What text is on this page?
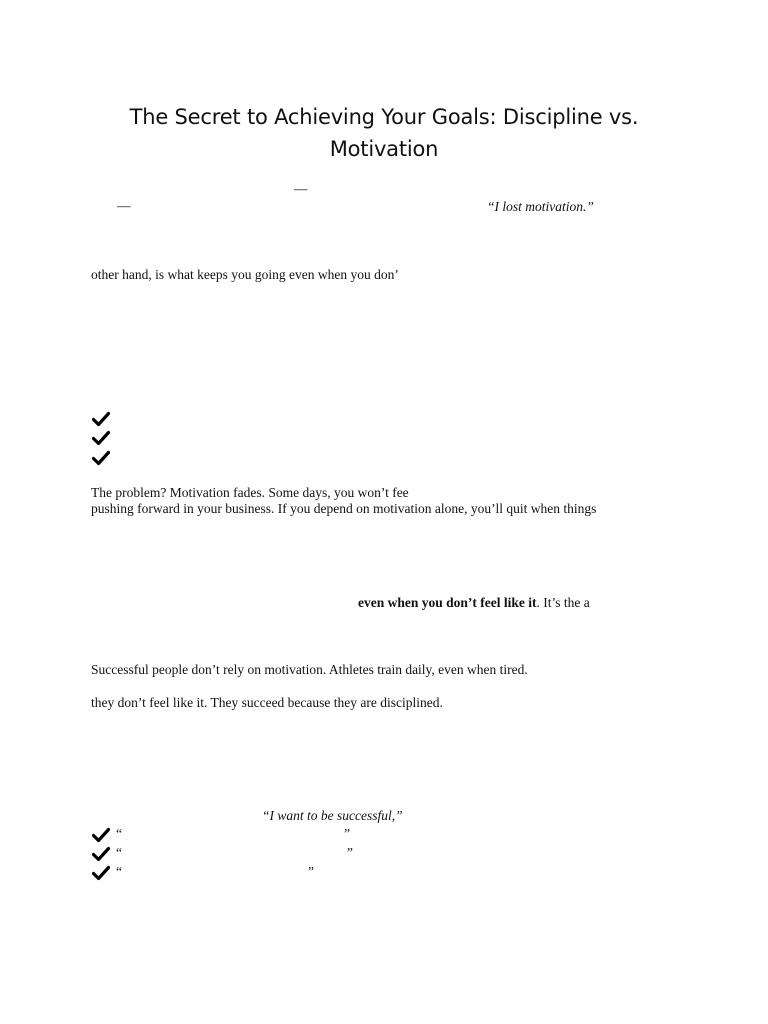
The Secret to Achieving Your Goals: Discipline vs.
Motivation
—
—	“I lost motivation.”
other hand, is what keeps you going even when you don’
The problem? Motivation fades. Some days, you won’t fee
pushing forward in your business. If you depend on motivation alone, you’ll quit when things
even when you don’t feel like it. It’s the a
Successful people don’t rely on motivation. Athletes train daily, even when tired.
they don’t feel like it. They succeed because they are disciplined.
“I want to be successful,”
“	”
“	”
“	”
